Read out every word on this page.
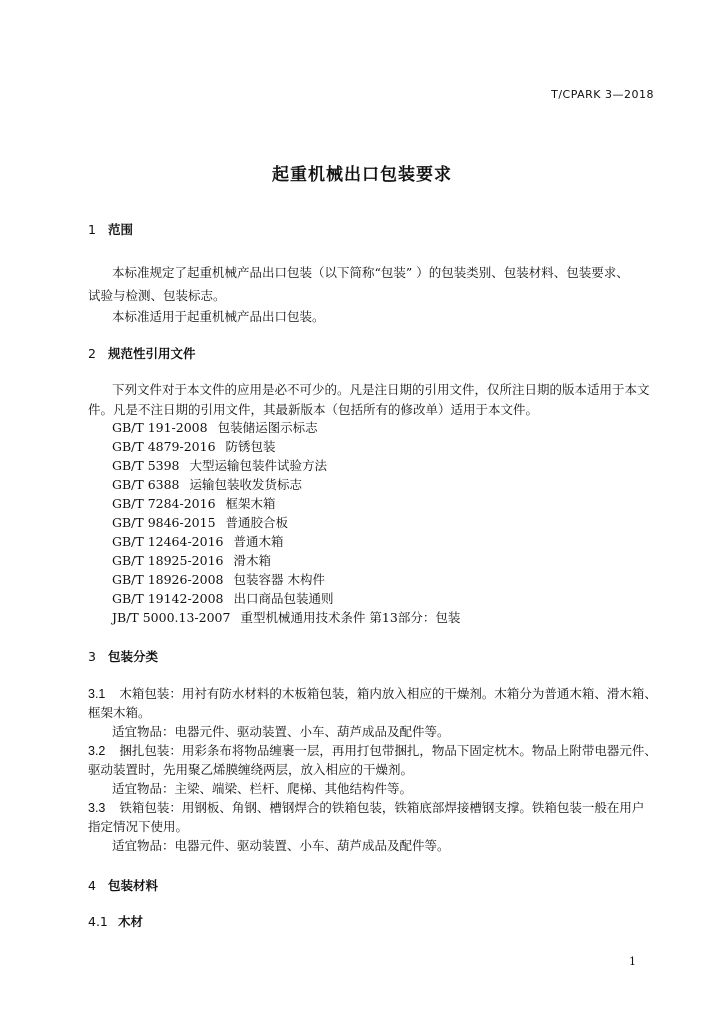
T/CPARK 3—2018
起重机械出口包装要求
1 范围
本标准规定了起重机械产品出口包装（以下简称“包装” ）的包装类别、包装材料、包装要求、
试验与检测、包装标志。
本标准适用于起重机械产品出口包装。
2 规范性引用文件
下列文件对于本文件的应用是必不可少的。凡是注日期的引用文件，仅所注日期的版本适用于本文
件。凡是不注日期的引用文件，其最新版本（包括所有的修改单）适用于本文件。
GB/T 191-2008 包装储运图示标志
GB/T 4879-2016 防锈包装
GB/T 5398 大型运输包装件试验方法
GB/T 6388 运输包装收发货标志
GB/T 7284-2016 框架木箱
GB/T 9846-2015 普通胶合板
GB/T 12464-2016 普通木箱
GB/T 18925-2016 滑木箱
GB/T 18926-2008 包装容器 木构件
GB/T 19142-2008 出口商品包装通则
JB/T 5000.13-2007 重型机械通用技术条件 第13部分：包装
3 包装分类
3.1 木箱包装：用衬有防水材料的木板箱包装，箱内放入相应的干燥剂。木箱分为普通木箱、滑木箱、
框架木箱。
适宜物品：电器元件、驱动装置、小车、葫芦成品及配件等。
3.2 捆扎包装：用彩条布将物品缠裹一层，再用打包带捆扎，物品下固定枕木。物品上附带电器元件、
驱动装置时，先用聚乙烯膜缠绕两层，放入相应的干燥剂。
适宜物品：主梁、端梁、栏杆、爬梯、其他结构件等。
3.3 铁箱包装：用钢板、角钢、槽钢焊合的铁箱包装，铁箱底部焊接槽钢支撑。铁箱包装一般在用户
指定情况下使用。
适宜物品：电器元件、驱动装置、小车、葫芦成品及配件等。
4 包装材料
4.1 木材
1
